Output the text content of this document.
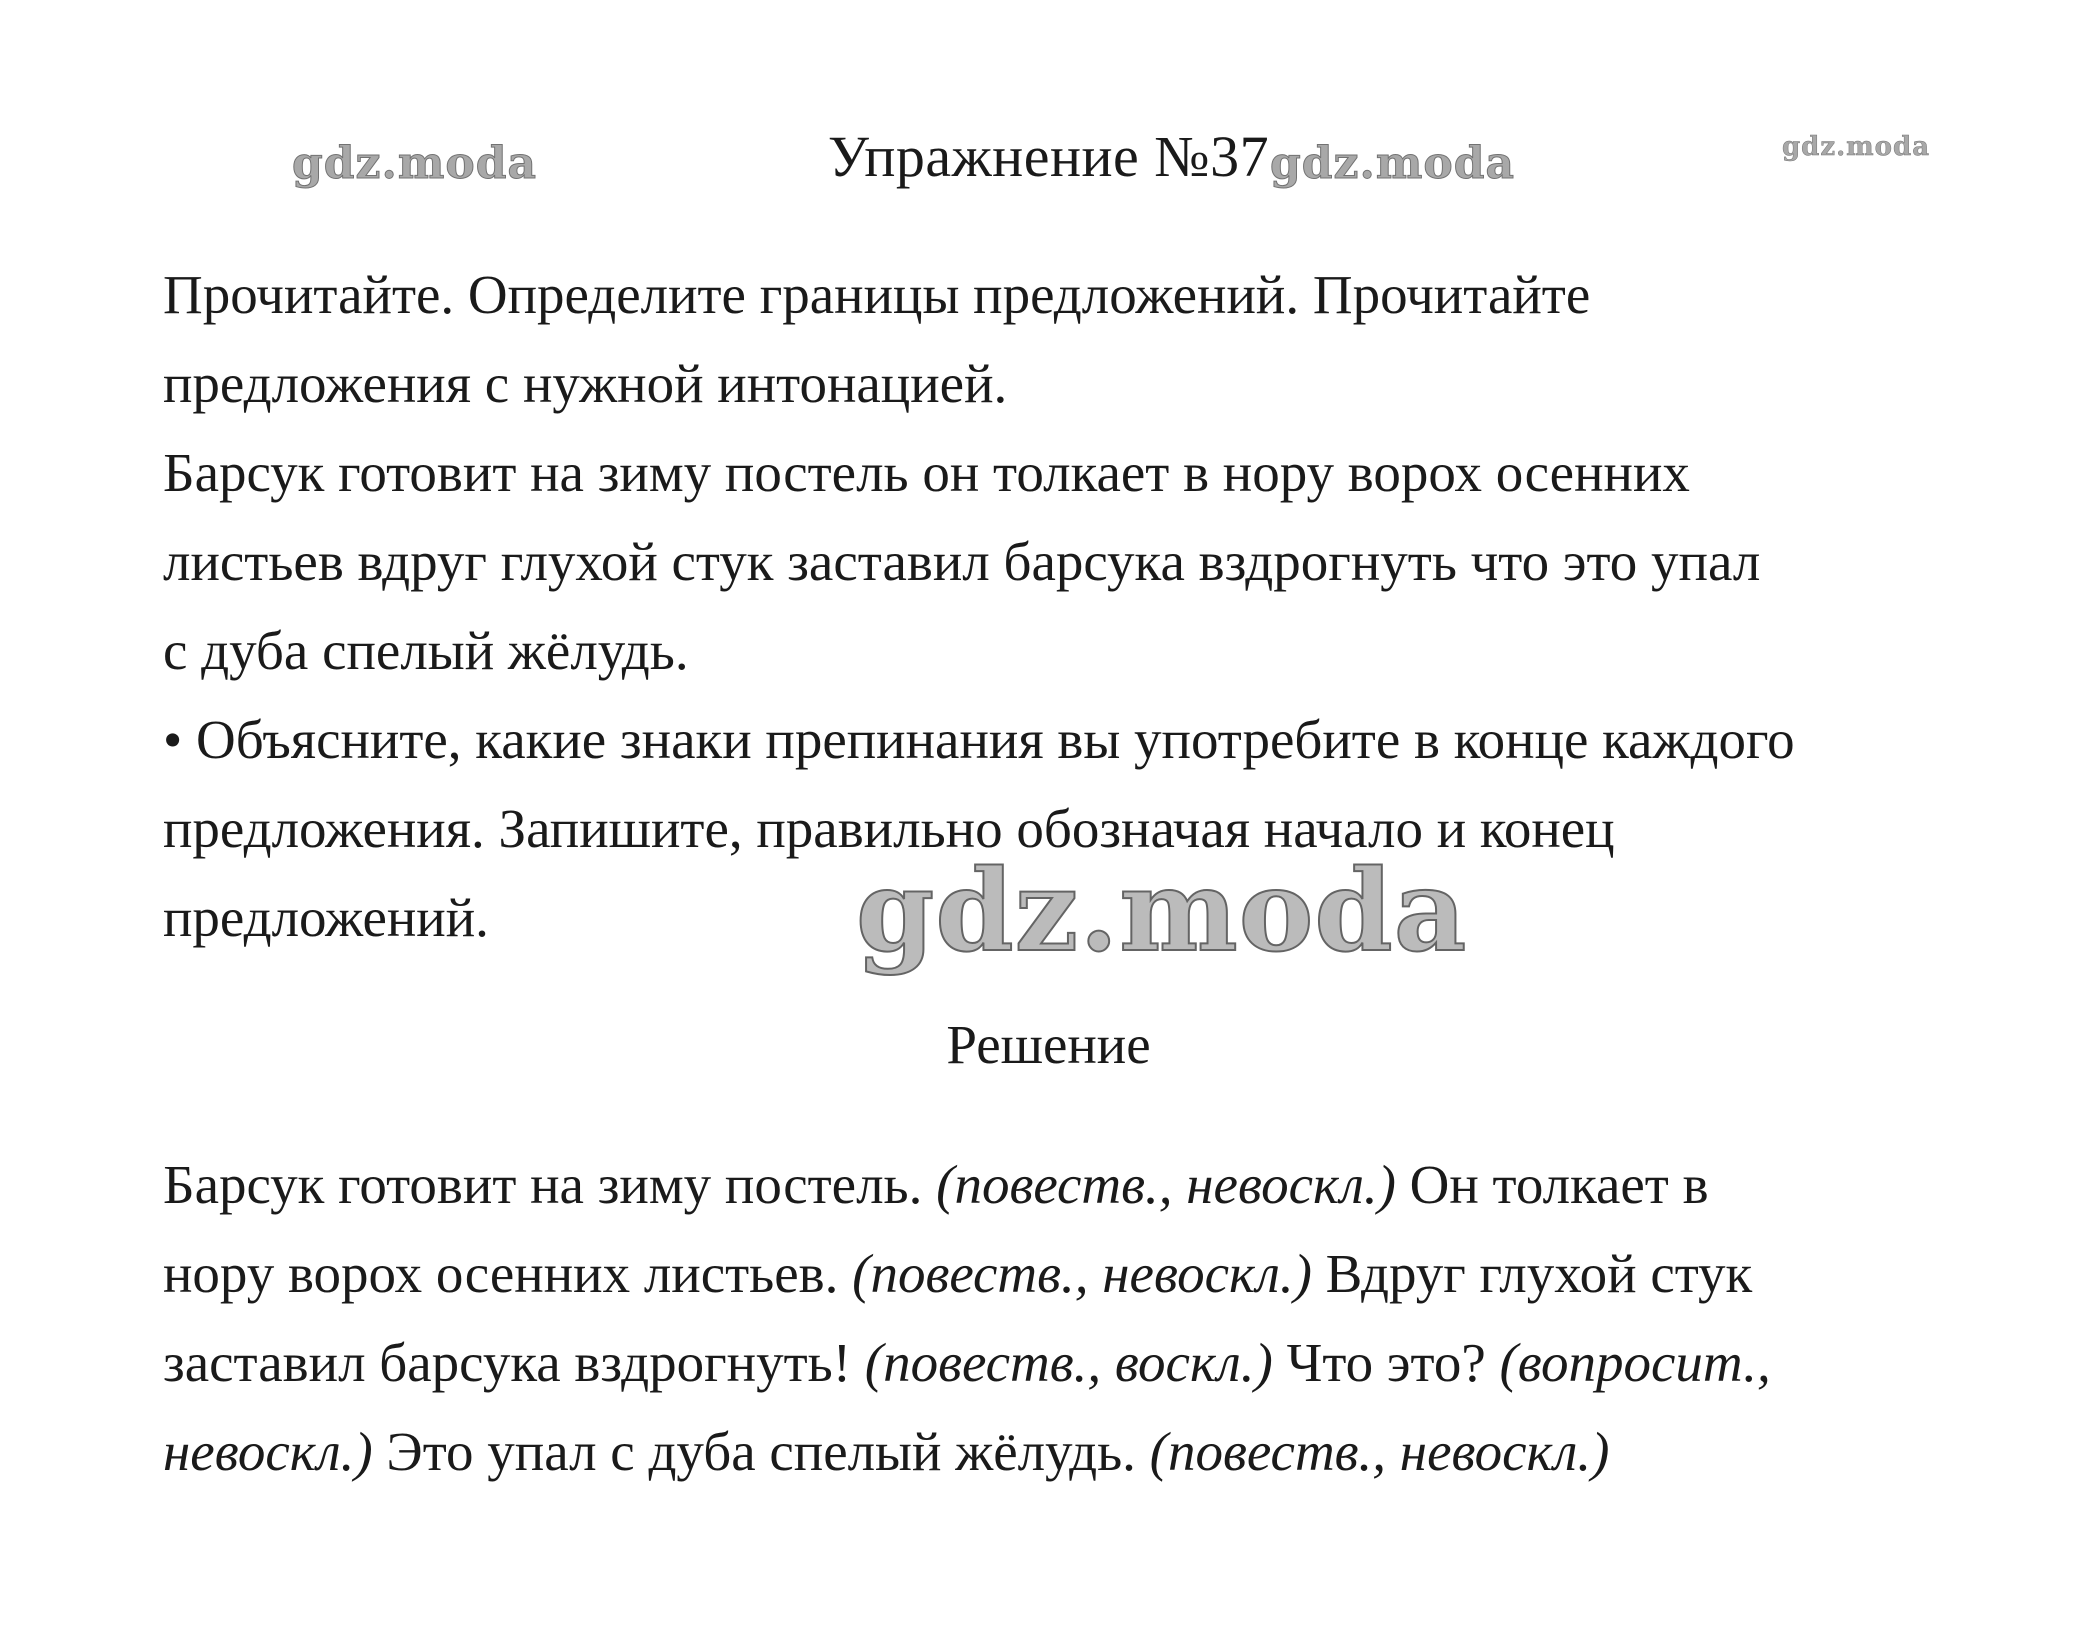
gdz.moda	gdz.moda	gdz.moda
Упражнение №37

Прочитайте. Определите границы предложений. Прочитайте

предложения с нужной интонацией.

Барсук готовит на зиму постель он толкает в нору ворох осенних

листьев вдруг глухой стук заставил барсука вздрогнуть что это упал

с дуба спелый жёлудь.

• Объясните, какие знаки препинания вы употребите в конце каждого

предложения. Запишите, правильно обозначая начало и конец

предложений.	gdz.moda
Решение

Барсук готовит на зиму постель. (повеств., невоскл.) Он толкает в

нору ворох осенних листьев. (повеств., невоскл.) Вдруг глухой стук

заставил барсука вздрогнуть! (повеств., воскл.) Что это? (вопросит.,

невоскл.) Это упал с дуба спелый жёлудь. (повеств., невоскл.)
